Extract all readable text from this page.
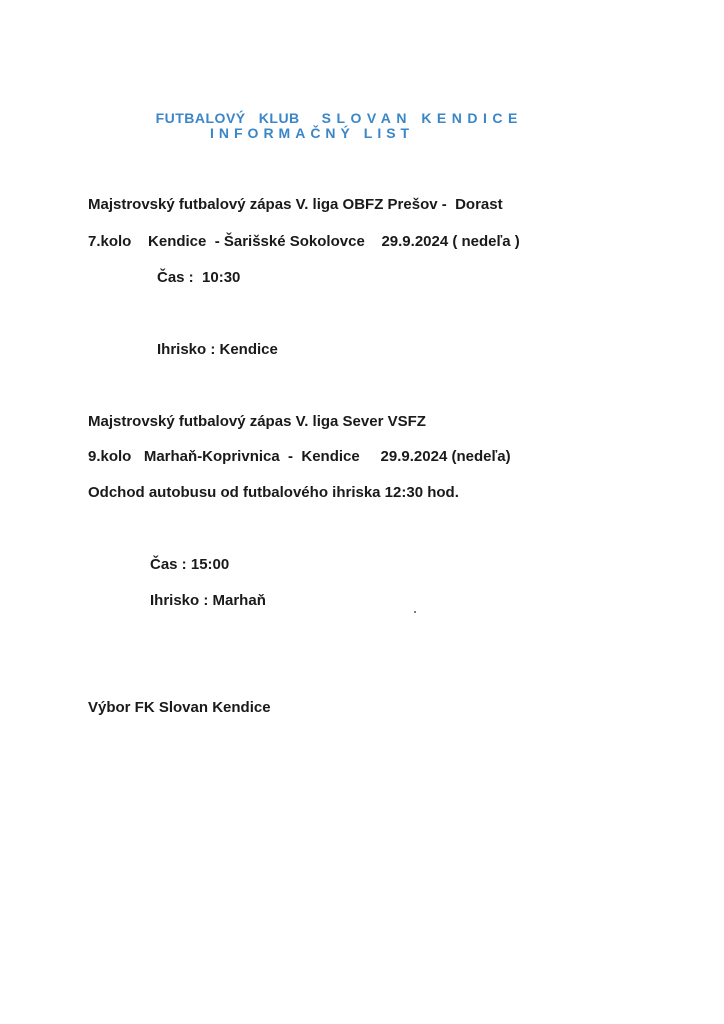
FUTBALOVÝ   KLUB SLOVAN KENDICE

INFORMAČNÝ LIST
Majstrovský futbalový zápas V. liga OBFZ Prešov -  Dorast
7.kolo    Kendice  - Šarišské Sokolovce    29.9.2024 ( nedeľa )
Čas :  10:30
Ihrisko : Kendice
Majstrovský futbalový zápas V. liga Sever VSFZ
9.kolo   Marhaň-Koprivnica  -  Kendice     29.9.2024 (nedeľa)
Odchod autobusu od futbalového ihriska 12:30 hod.
Čas : 15:00
Ihrisko : Marhaň
Výbor FK Slovan Kendice
